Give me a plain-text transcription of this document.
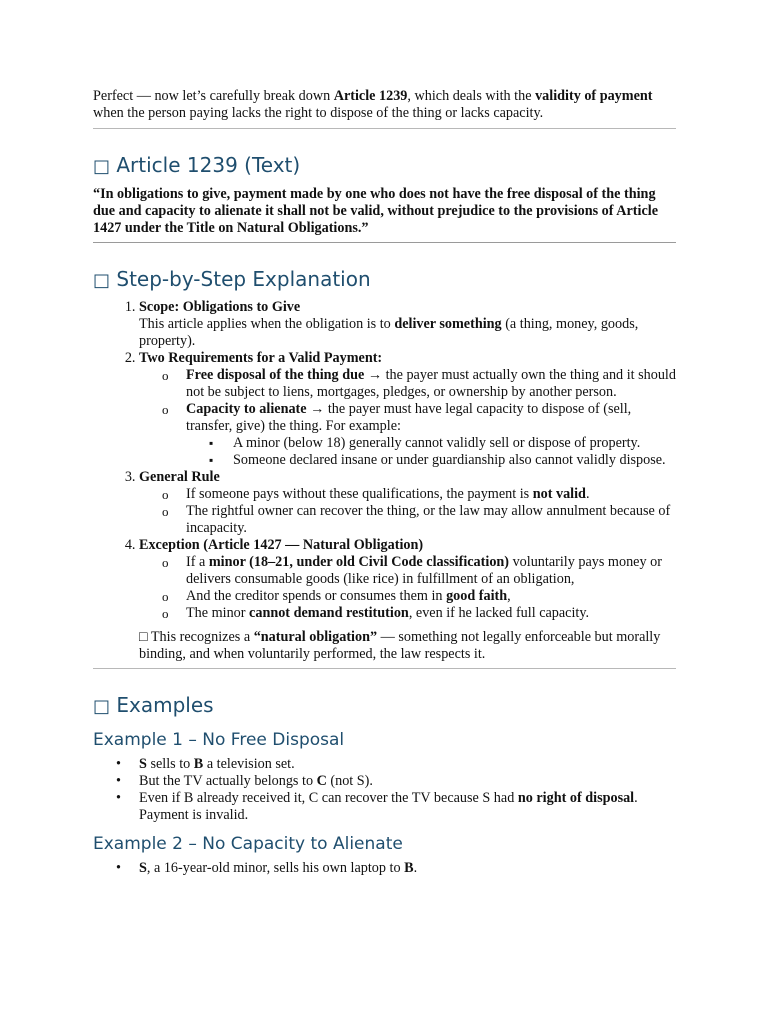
Perfect — now let’s carefully break down Article 1239, which deals with the validity of payment when the person paying lacks the right to dispose of the thing or lacks capacity.

□ Article 1239 (Text)

“In obligations to give, payment made by one who does not have the free disposal of the thing due and capacity to alienate it shall not be valid, without prejudice to the provisions of Article 1427 under the Title on Natural Obligations.”

□ Step-by-Step Explanation
1. Scope: Obligations to Give
This article applies when the obligation is to deliver something (a thing, money, goods, property).
2. Two Requirements for a Valid Payment:
o Free disposal of the thing due → the payer must actually own the thing and it should not be subject to liens, mortgages, pledges, or ownership by another person.
o Capacity to alienate → the payer must have legal capacity to dispose of (sell, transfer, give) the thing. For example:
▪ A minor (below 18) generally cannot validly sell or dispose of property.
▪ Someone declared insane or under guardianship also cannot validly dispose.
3. General Rule
o If someone pays without these qualifications, the payment is not valid.
o The rightful owner can recover the thing, or the law may allow annulment because of incapacity.
4. Exception (Article 1427 — Natural Obligation)
o If a minor (18–21, under old Civil Code classification) voluntarily pays money or delivers consumable goods (like rice) in fulfillment of an obligation,
o And the creditor spends or consumes them in good faith,
o The minor cannot demand restitution, even if he lacked full capacity.

□ This recognizes a “natural obligation” — something not legally enforceable but morally binding, and when voluntarily performed, the law respects it.

□ Examples
Example 1 – No Free Disposal
• S sells to B a television set.
• But the TV actually belongs to C (not S).
• Even if B already received it, C can recover the TV because S had no right of disposal. Payment is invalid.
Example 2 – No Capacity to Alienate
• S, a 16-year-old minor, sells his own laptop to B.
